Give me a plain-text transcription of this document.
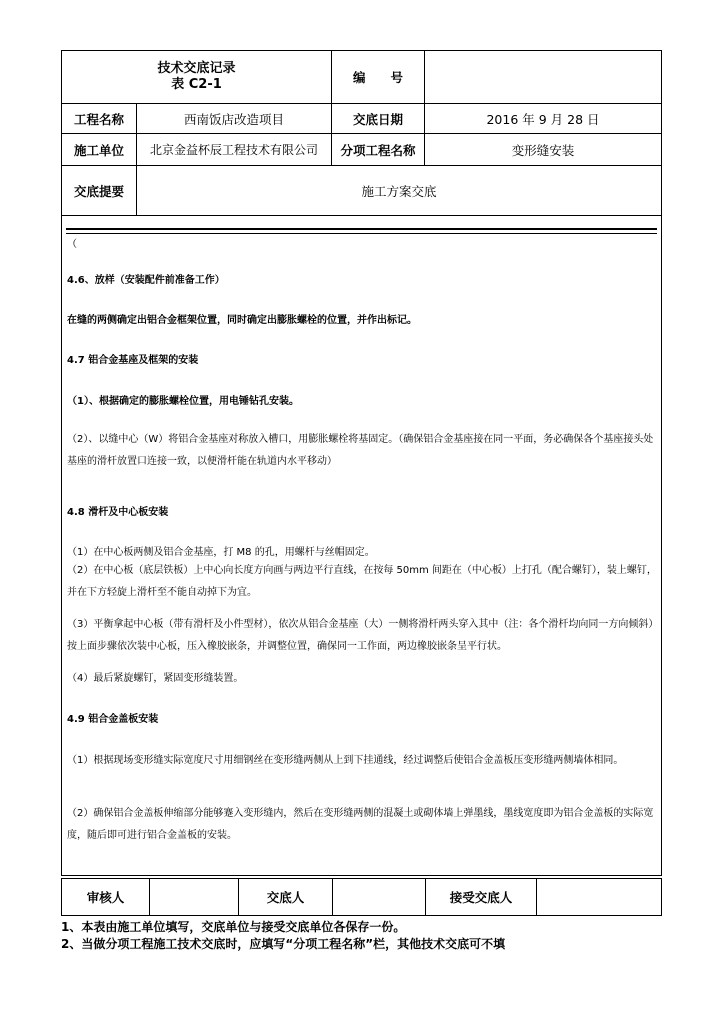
技术交底记录
表 C2-1	编　　号
工程名称	西南饭店改造项目	交底日期	2016 年 9 月 28 日
施工单位	北京金益杯辰工程技术有限公司	分项工程名称	变形缝安装
交底提要	施工方案交底
（
4.6、放样（安装配件前准备工作）
在缝的两侧确定出铝合金框架位置，同时确定出膨胀螺栓的位置，并作出标记。
4.7 铝合金基座及框架的安装
（1）、根据确定的膨胀螺栓位置，用电锤钻孔安装。
（2）、以缝中心（W）将铝合金基座对称放入槽口，用膨胀螺栓将基固定。（确保铝合金基座接在同一平面，务必确保各个基座接头处基座的滑杆放置口连接一致，以便滑杆能在轨道内水平移动）
4.8 滑杆及中心板安装
（1）在中心板两侧及铝合金基座，打 M8 的孔，用螺杆与丝帽固定。
（2）在中心板（底层铁板）上中心向长度方向画与两边平行直线，在按每 50mm 间距在（中心板）上打孔（配合螺钉），装上螺钉，并在下方轻旋上滑杆至不能自动掉下为宜。
（3）平衡拿起中心板（带有滑杆及小件型材），依次从铝合金基座（大）一侧将滑杆两头穿入其中（注：各个滑杆均向同一方向倾斜）按上面步骤依次装中心板，压入橡胶嵌条，并调整位置，确保同一工作面，两边橡胶嵌条呈平行状。
（4）最后紧旋螺钉，紧固变形缝装置。
4.9 铝合金盖板安装
（1）根据现场变形缝实际宽度尺寸用细钢丝在变形缝两侧从上到下挂通线，经过调整后使铝合金盖板压变形缝两侧墙体相同。
（2）确保铝合金盖板伸缩部分能够蹇入变形缝内，然后在变形缝两侧的混凝土或砌体墙上弹墨线，墨线宽度即为铝合金盖板的实际宽度，随后即可进行铝合金盖板的安装。
审核人	交底人	接受交底人
1、本表由施工单位填写，交底单位与接受交底单位各保存一份。
2、当做分项工程施工技术交底时，应填写“分项工程名称”栏，其他技术交底可不填
